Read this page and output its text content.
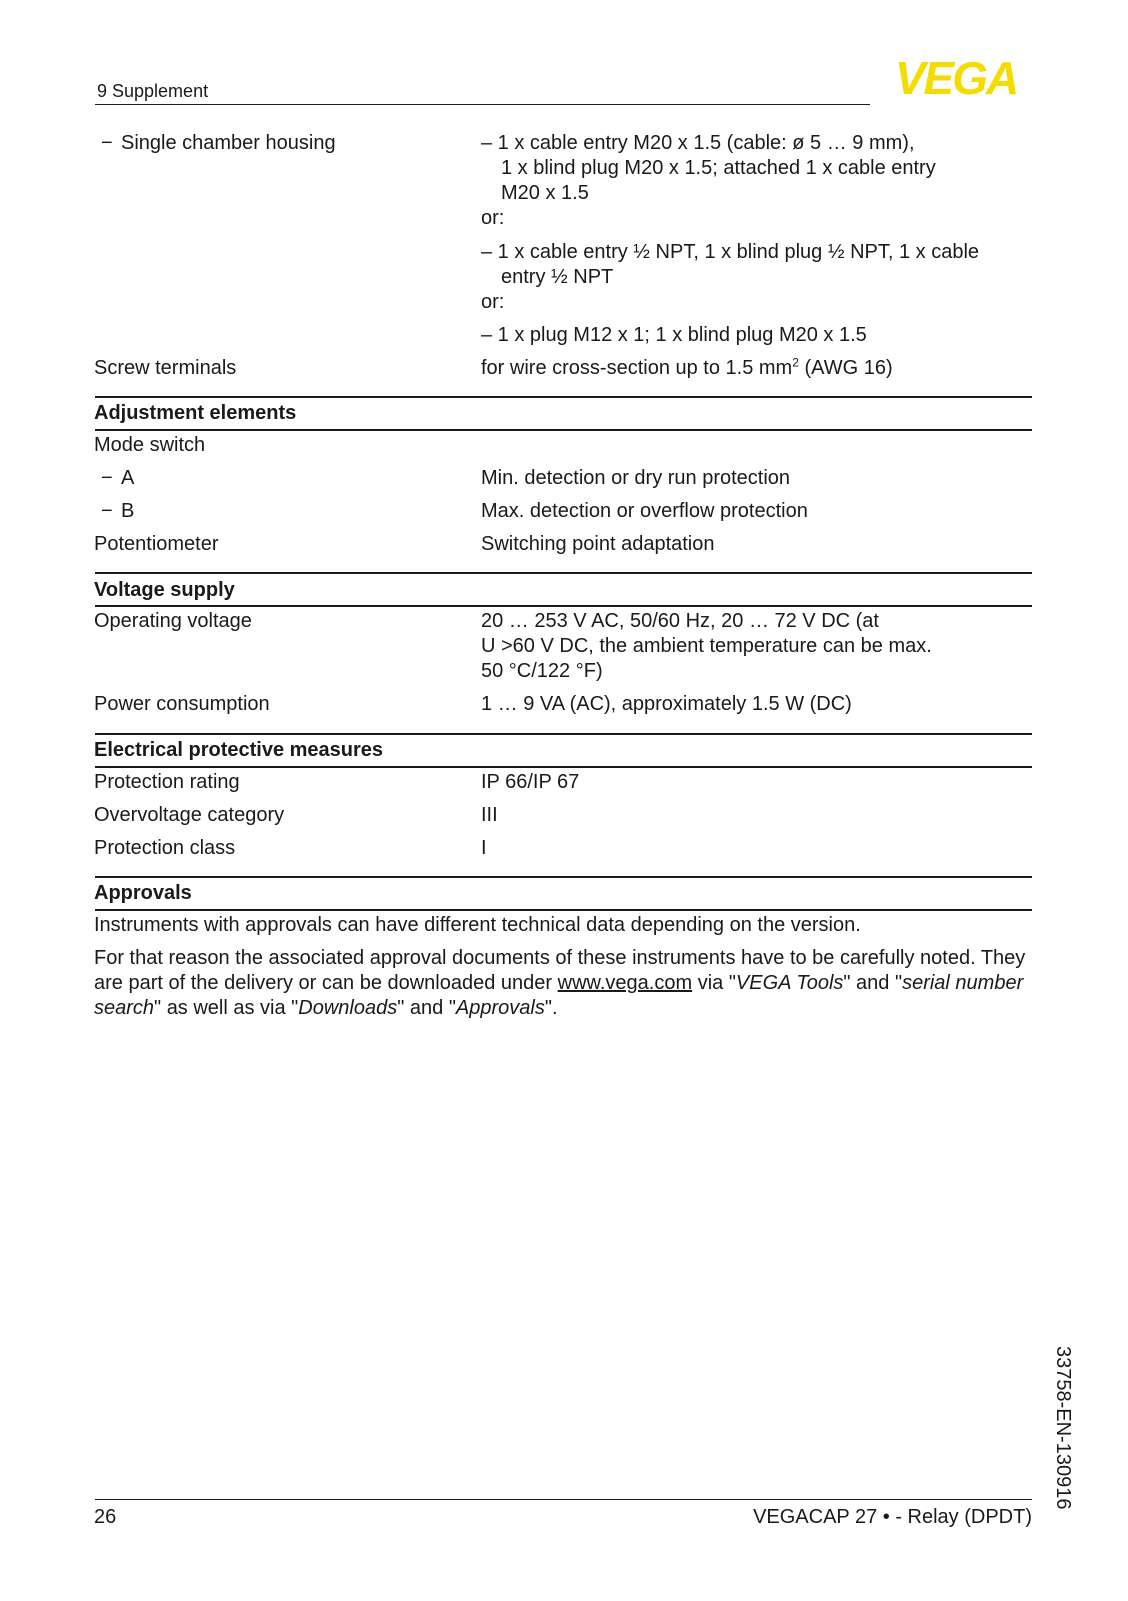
9 Supplement	VEGA
− Single chamber housing	– 1 x cable entry M20 x 1.5 (cable: ø 5 … 9 mm),
1 x blind plug M20 x 1.5; attached 1 x cable entry
M20 x 1.5
or:
– 1 x cable entry ½ NPT, 1 x blind plug ½ NPT, 1 x cable
entry ½ NPT
or:
– 1 x plug M12 x 1; 1 x blind plug M20 x 1.5
Screw terminals	for wire cross-section up to 1.5 $mm^2$ (AWG 16)
Adjustment elements
Mode switch
− A	Min. detection or dry run protection
− B	Max. detection or overflow protection
Potentiometer	Switching point adaptation
Voltage supply
Operating voltage	20 … 253 V AC, 50/60 Hz, 20 … 72 V DC (at
U >60 V DC, the ambient temperature can be max.
50 °C/122 °F)
Power consumption	1 … 9 VA (AC), approximately 1.5 W (DC)
Electrical protective measures
Protection rating	IP 66/IP 67
Overvoltage category	III
Protection class	I
Approvals
Instruments with approvals can have different technical data depending on the version.
For that reason the associated approval documents of these instruments have to be carefully noted. They are part of the delivery or can be downloaded under www.vega.com via "VEGA Tools" and "serial number search" as well as via "Downloads" and "Approvals".
33758-EN-130916
26	VEGACAP 27 • - Relay (DPDT)
